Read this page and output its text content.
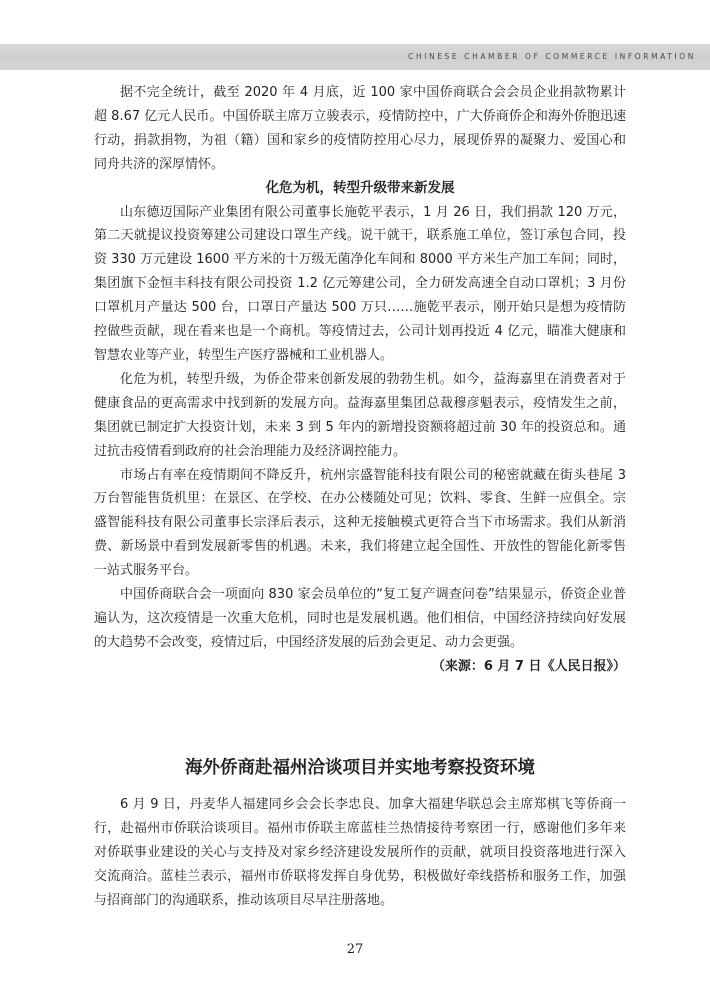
CHINESE CHAMBER OF COMMERCE INFORMATION

据不完全统计，截至 2020 年 4 月底，近 100 家中国侨商联合会会员企业捐款物累计超 8.67 亿元人民币。中国侨联主席万立骏表示，疫情防控中，广大侨商侨企和海外侨胞迅速行动，捐款捐物，为祖（籍）国和家乡的疫情防控用心尽力，展现侨界的凝聚力、爱国心和同舟共济的深厚情怀。

化危为机，转型升级带来新发展

山东德迈国际产业集团有限公司董事长施乾平表示，1 月 26 日，我们捐款 120 万元，第二天就提议投资筹建公司建设口罩生产线。说干就干，联系施工单位，签订承包合同，投资 330 万元建设 1600 平方米的十万级无菌净化车间和 8000 平方米生产加工车间；同时，集团旗下金恒丰科技有限公司投资 1.2 亿元筹建公司，全力研发高速全自动口罩机；3 月份口罩机月产量达 500 台，口罩日产量达 500 万只……施乾平表示，刚开始只是想为疫情防控做些贡献，现在看来也是一个商机。等疫情过去，公司计划再投近 4 亿元，瞄准大健康和智慧农业等产业，转型生产医疗器械和工业机器人。

化危为机，转型升级，为侨企带来创新发展的勃勃生机。如今，益海嘉里在消费者对于健康食品的更高需求中找到新的发展方向。益海嘉里集团总裁穆彦魁表示，疫情发生之前，集团就已制定扩大投资计划，未来 3 到 5 年内的新增投资额将超过前 30 年的投资总和。通过抗击疫情看到政府的社会治理能力及经济调控能力。

市场占有率在疫情期间不降反升，杭州宗盛智能科技有限公司的秘密就藏在街头巷尾 3 万台智能售货机里：在景区、在学校、在办公楼随处可见；饮料、零食、生鲜一应俱全。宗盛智能科技有限公司董事长宗泽后表示，这种无接触模式更符合当下市场需求。我们从新消费、新场景中看到发展新零售的机遇。未来，我们将建立起全国性、开放性的智能化新零售一站式服务平台。

中国侨商联合会一项面向 830 家会员单位的“复工复产调查问卷”结果显示，侨资企业普遍认为，这次疫情是一次重大危机，同时也是发展机遇。他们相信，中国经济持续向好发展的大趋势不会改变，疫情过后，中国经济发展的后劲会更足、动力会更强。

（来源：6 月 7 日《人民日报》）

海外侨商赴福州洽谈项目并实地考察投资环境

6 月 9 日，丹麦华人福建同乡会会长李忠良、加拿大福建华联总会主席郑棋飞等侨商一行，赴福州市侨联洽谈项目。福州市侨联主席蓝桂兰热情接待考察团一行，感谢他们多年来对侨联事业建设的关心与支持及对家乡经济建设发展所作的贡献，就项目投资落地进行深入交流商洽。蓝桂兰表示，福州市侨联将发挥自身优势，积极做好牵线搭桥和服务工作，加强与招商部门的沟通联系，推动该项目尽早注册落地。

27
